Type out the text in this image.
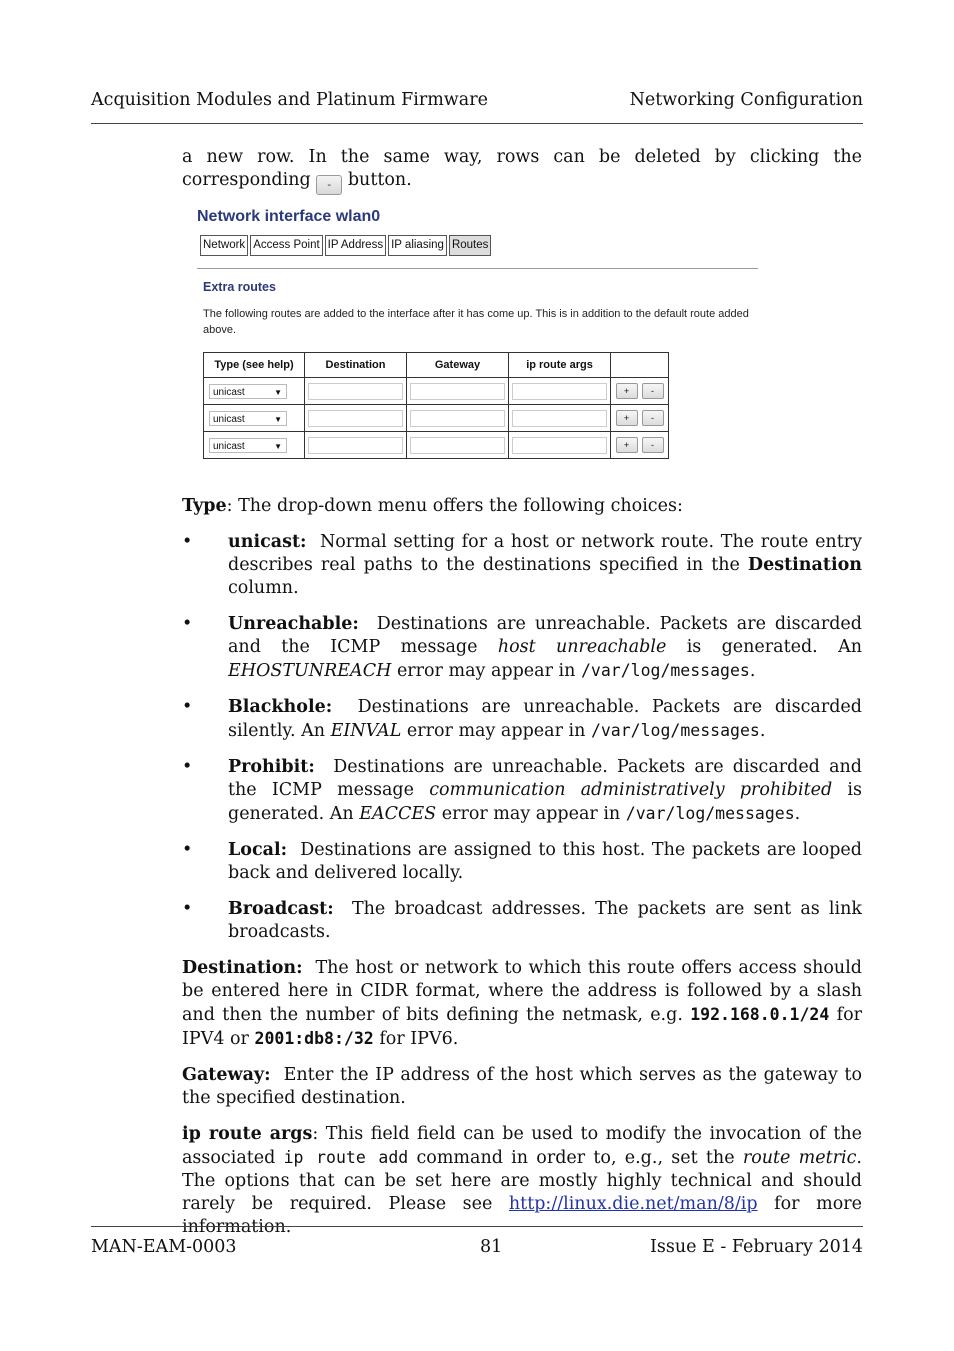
Acquisition Modules and Platinum Firmware	Networking Configuration

a new row. In the same way, rows can be deleted by clicking the corresponding - button.

Network interface wlan0
Network Access Point IP Address IP aliasing Routes
Extra routes
The following routes are added to the interface after it has come up. This is in addition to the default route added above.
Type (see help)	Destination	Gateway	ip route args	

unicast ▼				+ -

unicast ▼				+ -

unicast ▼				+ -

Type: The drop-down menu offers the following choices:

• unicast: Normal setting for a host or network route. The route entry describes real paths to the destinations specified in the Destination column.
• Unreachable: Destinations are unreachable. Packets are discarded and the ICMP message host unreachable is generated. An EHOSTUNREACH error may appear in /var/log/messages.
• Blackhole: Destinations are unreachable. Packets are discarded silently. An EINVAL error may appear in /var/log/messages.
• Prohibit: Destinations are unreachable. Packets are discarded and the ICMP message communication administratively prohibited is generated. An EACCES error may appear in /var/log/messages.
• Local: Destinations are assigned to this host. The packets are looped back and delivered locally.
• Broadcast: The broadcast addresses. The packets are sent as link broadcasts.

Destination: The host or network to which this route offers access should be entered here in CIDR format, where the address is followed by a slash and then the number of bits defining the netmask, e.g. 192.168.0.1/24 for IPV4 or 2001:db8:/32 for IPV6.

Gateway: Enter the IP address of the host which serves as the gateway to the specified destination.

ip route args: This field field can be used to modify the invocation of the associated ip route add command in order to, e.g., set the route metric. The options that can be set here are mostly highly technical and should rarely be required. Please see http://linux.die.net/man/8/ip for more information.

MAN-EAM-0003	81	Issue E - February 2014
